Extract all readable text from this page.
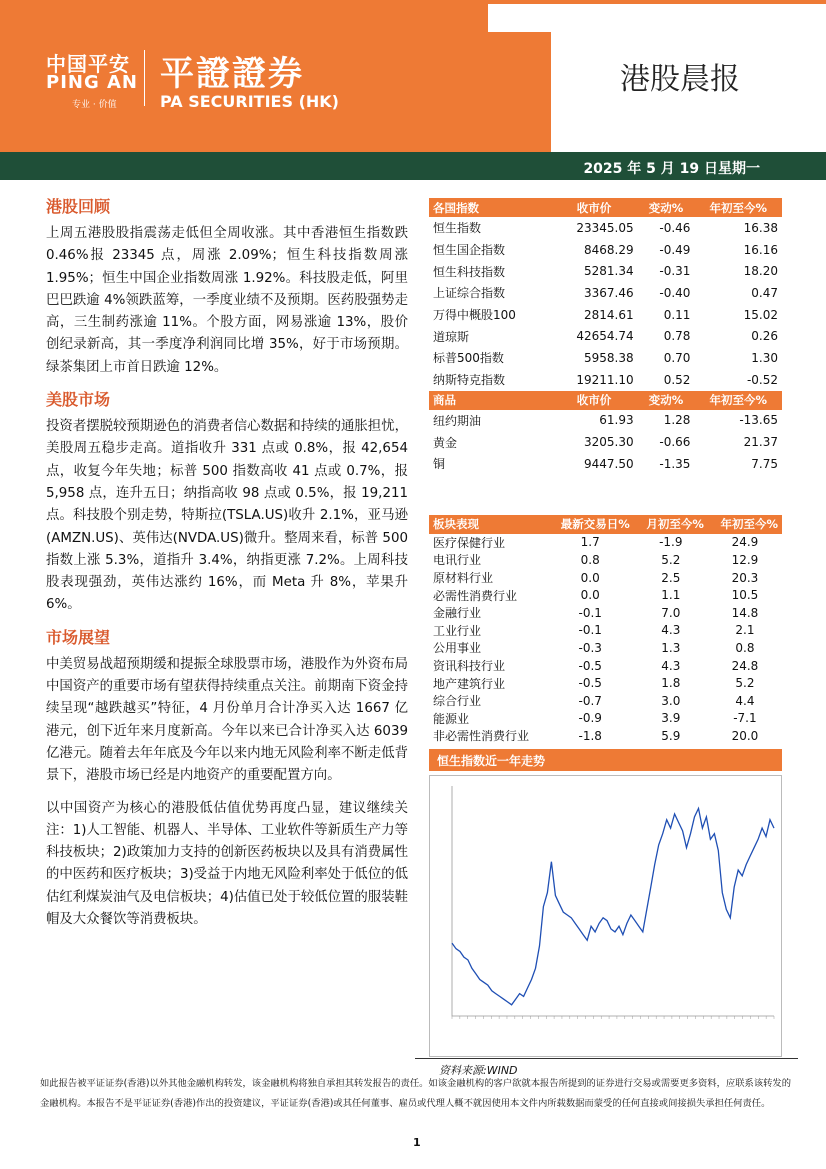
港股晨报
中国平安
PING AN
专业 · 价值
平證證券
PA SECURITIES (HK)
2025 年 5 月 19 日星期一
港股回顾

上周五港股股指震荡走低但全周收涨。其中香港恒生指数跌 0.46%报 23345 点，周涨 2.09%；恒生科技指数周涨 1.95%；恒生中国企业指数周涨 1.92%。科技股走低，阿里巴巴跌逾 4%领跌蓝筹，一季度业绩不及预期。医药股强势走高，三生制药涨逾 11%。个股方面，网易涨逾 13%，股价创纪录新高，其一季度净利润同比增 35%，好于市场预期。绿茶集团上市首日跌逾 12%。

美股市场

投资者摆脱较预期逊色的消费者信心数据和持续的通胀担忧，美股周五稳步走高。道指收升 331 点或 0.8%，报 42,654 点，收复今年失地；标普 500 指数高收 41 点或 0.7%，报 5,958 点，连升五日；纳指高收 98 点或 0.5%，报 19,211 点。科技股个别走势，特斯拉(TSLA.US)收升 2.1%，亚马逊(AMZN.US)、英伟达(NVDA.US)微升。整周来看，标普 500 指数上涨 5.3%，道指升 3.4%，纳指更涨 7.2%。上周科技股表现强劲，英伟达涨约 16%，而 Meta 升 8%，苹果升 6%。

市场展望

中美贸易战超预期缓和提振全球股票市场，港股作为外资布局中国资产的重要市场有望获得持续重点关注。前期南下资金持续呈现“越跌越买”特征，4 月份单月合计净买入达 1667 亿港元，创下近年来月度新高。今年以来已合计净买入达 6039 亿港元。随着去年年底及今年以来内地无风险利率不断走低背景下，港股市场已经是内地资产的重要配置方向。

以中国资产为核心的港股低估值优势再度凸显，建议继续关注：1)人工智能、机器人、半导体、工业软件等新质生产力等科技板块；2)政策加力支持的创新医药板块以及具有消费属性的中医药和医疗板块；3)受益于内地无风险利率处于低位的低估红利煤炭油气及电信板块；4)估值已处于较低位置的服装鞋帽及大众餐饮等消费板块。

各国指数	收市价	变动%	年初至今%
恒生指数	23345.05	-0.46	16.38
恒生国企指数	8468.29	-0.49	16.16
恒生科技指数	5281.34	-0.31	18.20
上证综合指数	3367.46	-0.40	0.47
万得中概股100	2814.61	0.11	15.02
道琼斯	42654.74	0.78	0.26
标普500指数	5958.38	0.70	1.30
纳斯特克指数	19211.10	0.52	-0.52
商品	收市价	变动%	年初至今%
纽约期油	61.93	1.28	-13.65
黄金	3205.30	-0.66	21.37
铜	9447.50	-1.35	7.75
板块表现	最新交易日%	月初至今%	年初至今%
医疗保健行业	1.7	-1.9	24.9
电讯行业	0.8	5.2	12.9
原材料行业	0.0	2.5	20.3
必需性消费行业	0.0	1.1	10.5
金融行业	-0.1	7.0	14.8
工业行业	-0.1	4.3	2.1
公用事业	-0.3	1.3	0.8
资讯科技行业	-0.5	4.3	24.8
地产建筑行业	-0.5	1.8	5.2
综合行业	-0.7	3.0	4.4
能源业	-0.9	3.9	-7.1
非必需性消费行业	-1.8	5.9	20.0
恒生指数近一年走势
资料来源:WIND

如此报告被平证证券(香港)以外其他金融机构转发，该金融机构将独自承担其转发报告的责任。如该金融机构的客户欲就本报告所提到的证券进行交易或需要更多资料，应联系该转发的金融机构。本报告不是平证证券(香港)作出的投资建议，平证证券(香港)或其任何董事、雇员或代理人概不就因使用本文件内所载数据而蒙受的任何直接或间接损失承担任何责任。

1
